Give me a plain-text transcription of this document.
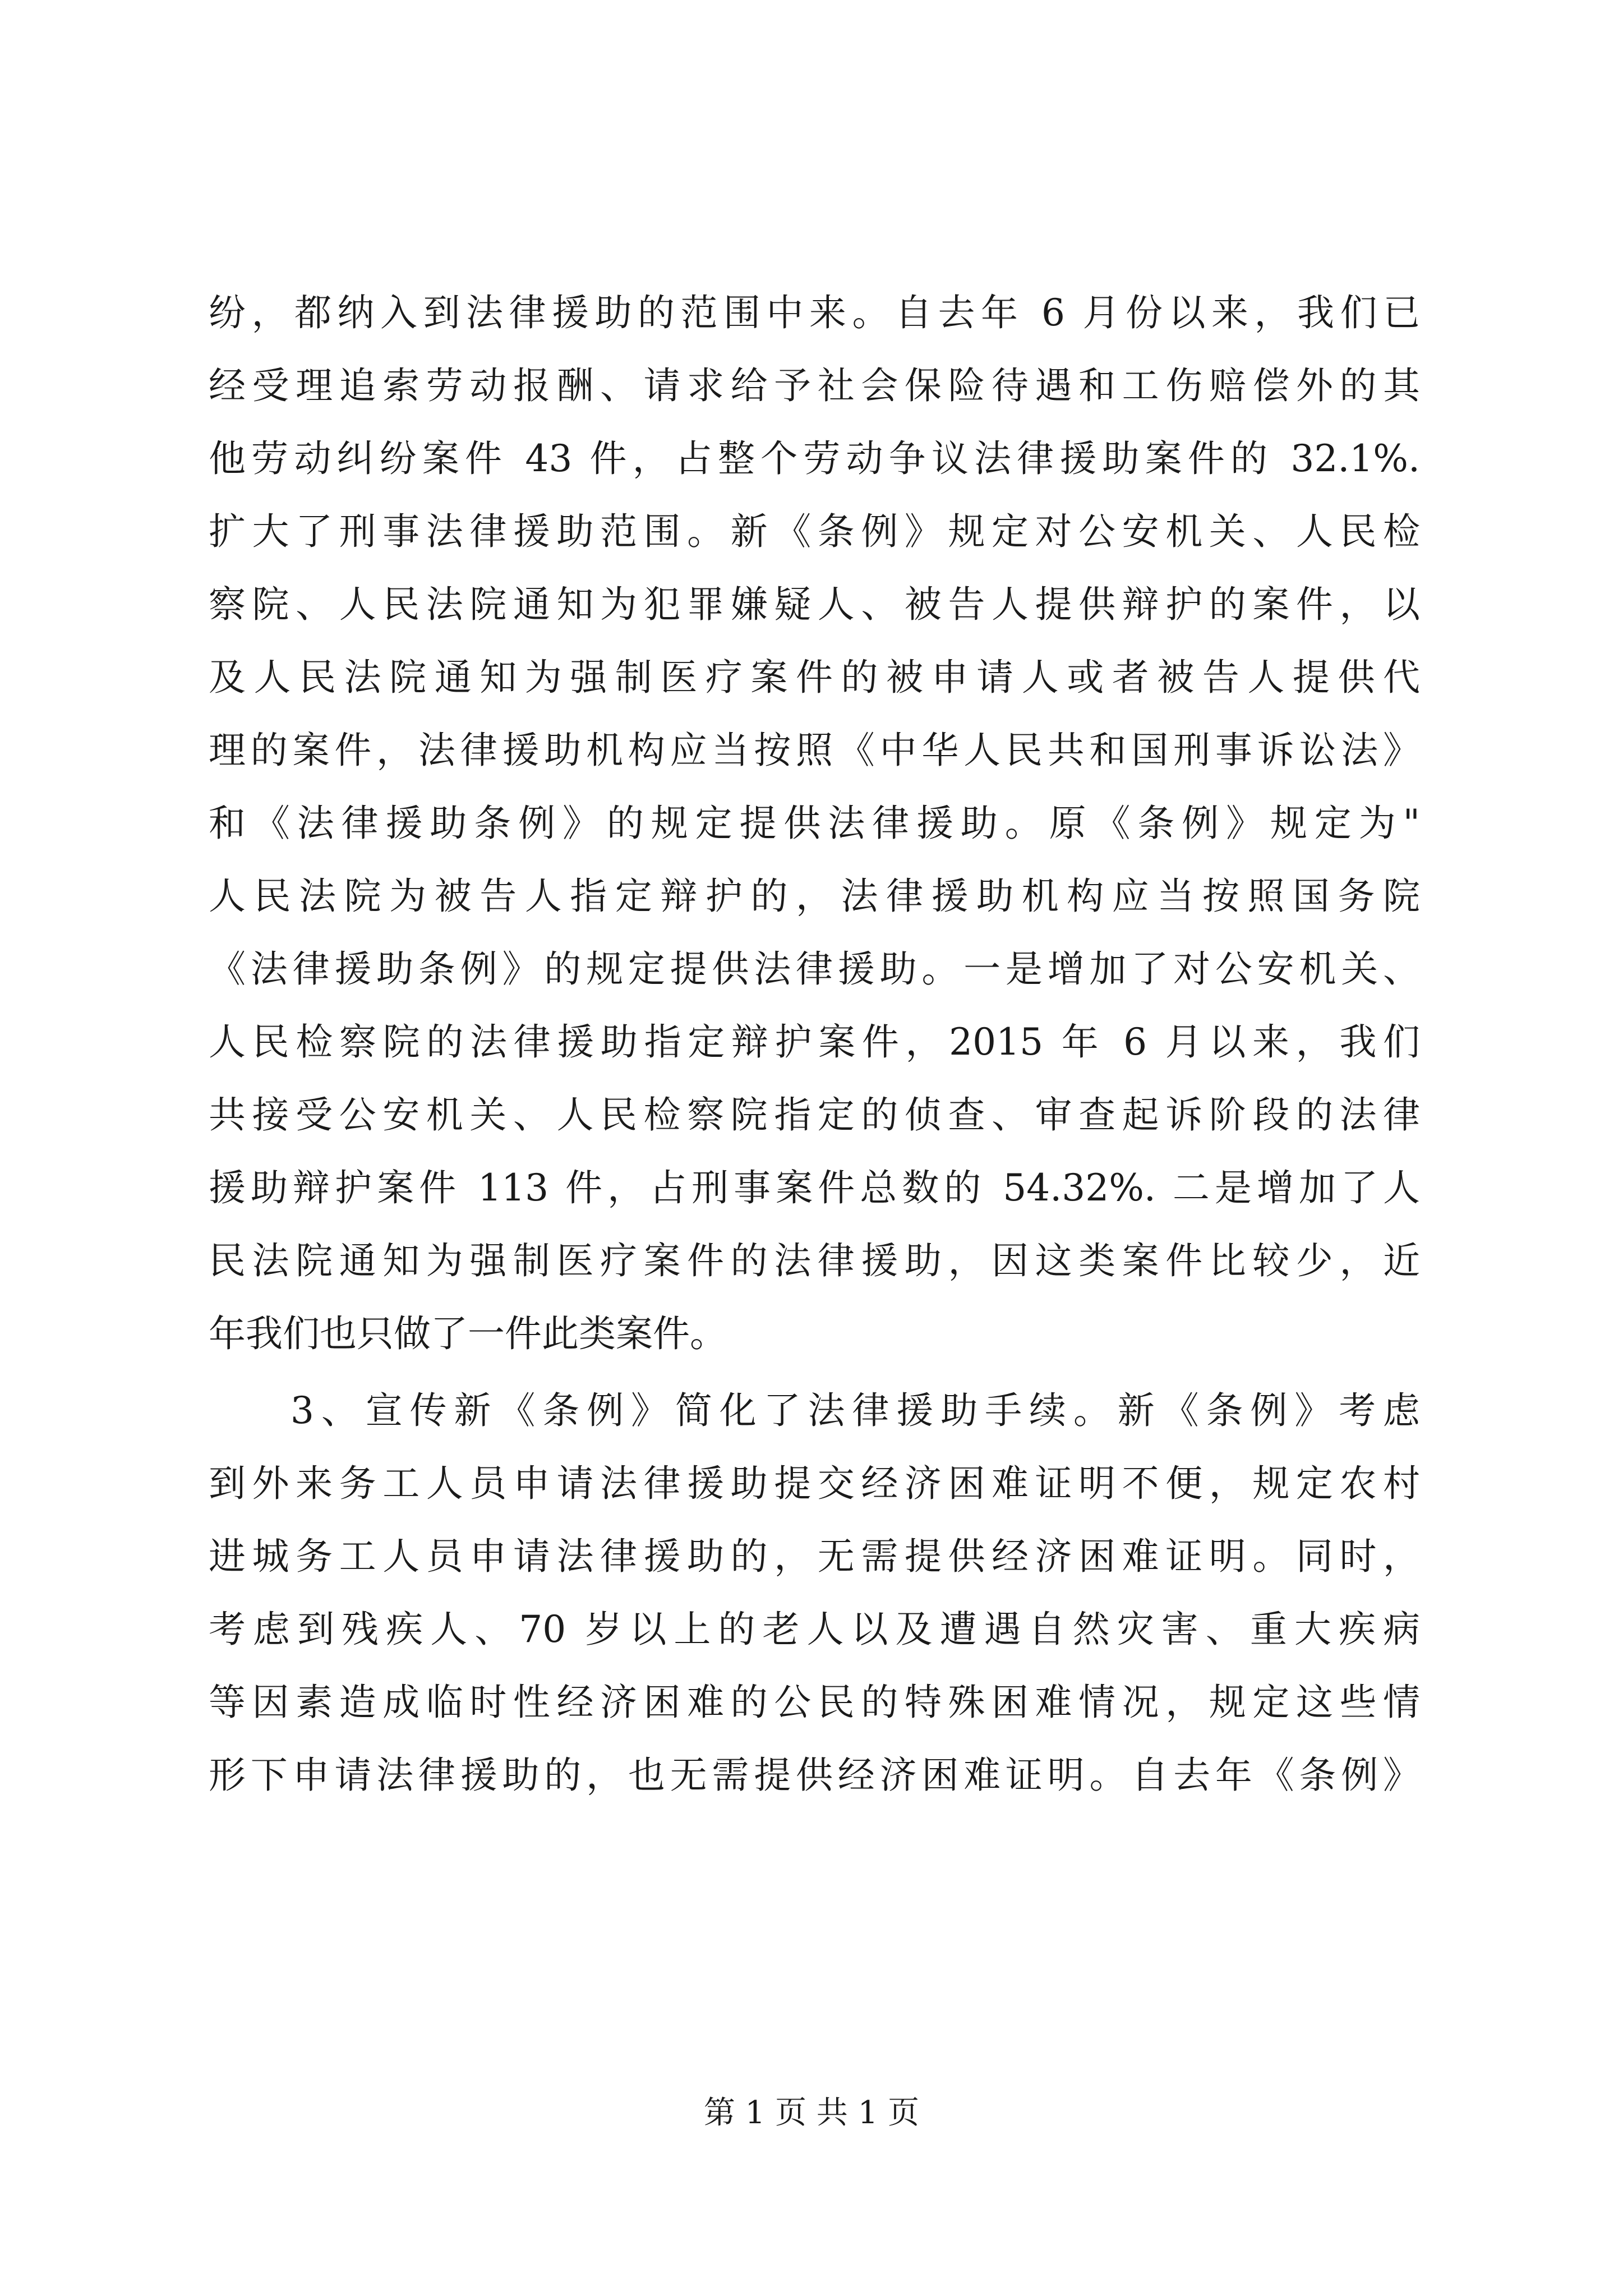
纷，都纳入到法律援助的范围中来。自去年 6 月份以来，我们已
经受理追索劳动报酬、请求给予社会保险待遇和工伤赔偿外的其
他劳动纠纷案件 43 件，占整个劳动争议法律援助案件的 32.1%.
扩大了刑事法律援助范围。新《条例》规定对公安机关、人民检
察院、人民法院通知为犯罪嫌疑人、被告人提供辩护的案件，以
及人民法院通知为强制医疗案件的被申请人或者被告人提供代
理的案件，法律援助机构应当按照《中华人民共和国刑事诉讼法》
和《法律援助条例》的规定提供法律援助。原《条例》规定为"
人民法院为被告人指定辩护的，法律援助机构应当按照国务院
《法律援助条例》的规定提供法律援助。一是增加了对公安机关、
人民检察院的法律援助指定辩护案件，2015 年 6 月以来，我们
共接受公安机关、人民检察院指定的侦查、审查起诉阶段的法律
援助辩护案件 113 件，占刑事案件总数的 54.32%. 二是增加了人
民法院通知为强制医疗案件的法律援助，因这类案件比较少，近
年我们也只做了一件此类案件。
3、宣传新《条例》简化了法律援助手续。新《条例》考虑
到外来务工人员申请法律援助提交经济困难证明不便，规定农村
进城务工人员申请法律援助的，无需提供经济困难证明。同时，
考虑到残疾人、70 岁以上的老人以及遭遇自然灾害、重大疾病
等因素造成临时性经济困难的公民的特殊困难情况，规定这些情
形下申请法律援助的，也无需提供经济困难证明。自去年《条例》
第 1 页 共 1 页
